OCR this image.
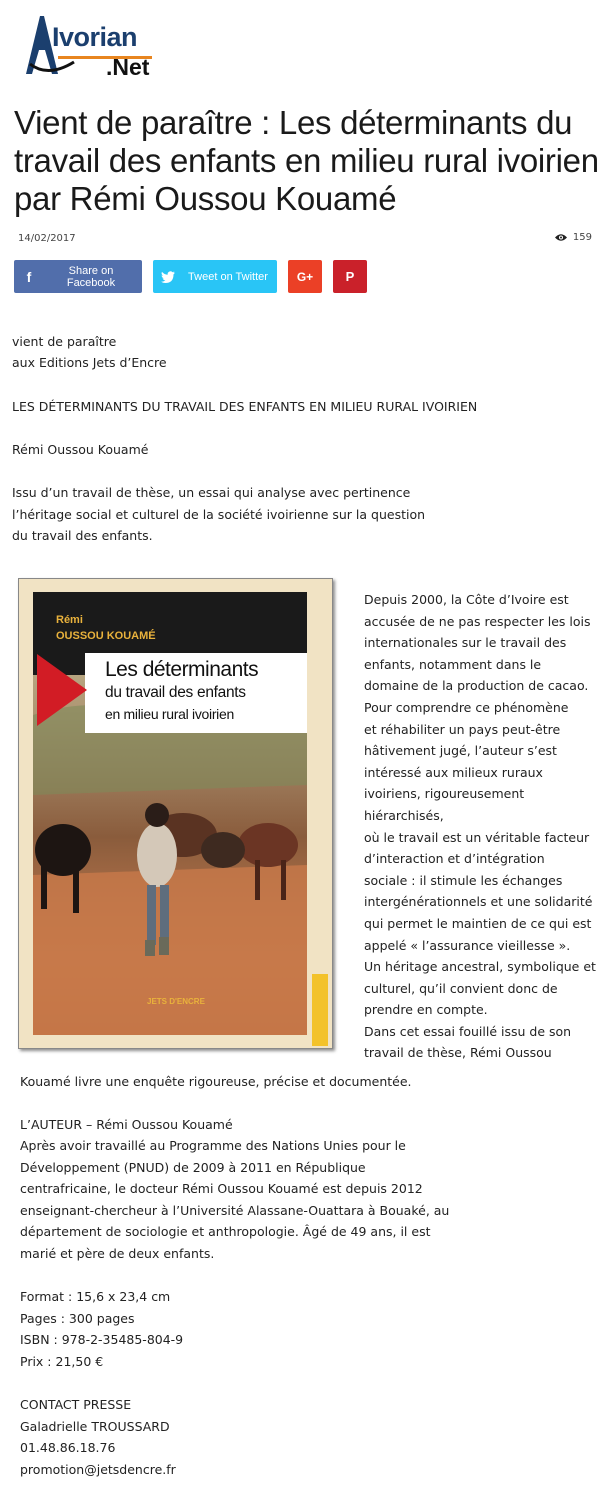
Ivorian
.Net
Vient de paraître : Les déterminants du travail des enfants en milieu rural ivoirien par Rémi Oussou Kouamé
14/02/2017	159
f	Share on Facebook	Tweet on Twitter	G+ P

vient de paraître

aux Editions Jets d’Encre

LES DÉTERMINANTS DU TRAVAIL DES ENFANTS EN MILIEU RURAL IVOIRIEN

Rémi Oussou Kouamé

Issu d’un travail de thèse, un essai qui analyse avec pertinence

l’héritage social et culturel de la société ivoirienne sur la question

du travail des enfants.

Rémi
OUSSOU KOUAMÉ
Les déterminants
du travail des enfants
en milieu rural ivoirien
JETS D'ENCRE
Depuis 2000, la Côte d’Ivoire est
accusée de ne pas respecter les lois
internationales sur le travail des
enfants, notamment dans le
domaine de la production de cacao.
Pour comprendre ce phénomène
et réhabiliter un pays peut-être
hâtivement jugé, l’auteur s’est
intéressé aux milieux ruraux
ivoiriens, rigoureusement
hiérarchisés,
où le travail est un véritable facteur
d’interaction et d’intégration
sociale : il stimule les échanges
intergénérationnels et une solidarité
qui permet le maintien de ce qui est
appelé « l’assurance vieillesse ».
Un héritage ancestral, symbolique et
culturel, qu’il convient donc de
prendre en compte.
Dans cet essai fouillé issu de son
travail de thèse, Rémi Oussou

Kouamé livre une enquête rigoureuse, précise et documentée.

L’AUTEUR – Rémi Oussou Kouamé

Après avoir travaillé au Programme des Nations Unies pour le

Développement (PNUD) de 2009 à 2011 en République

centrafricaine, le docteur Rémi Oussou Kouamé est depuis 2012

enseignant-chercheur à l’Université Alassane-Ouattara à Bouaké, au

département de sociologie et anthropologie. Âgé de 49 ans, il est

marié et père de deux enfants.

Format : 15,6 x 23,4 cm

Pages : 300 pages

ISBN : 978-2-35485-804-9

Prix : 21,50 €

CONTACT PRESSE

Galadrielle TROUSSARD

01.48.86.18.76

promotion@jetsdencre.fr
